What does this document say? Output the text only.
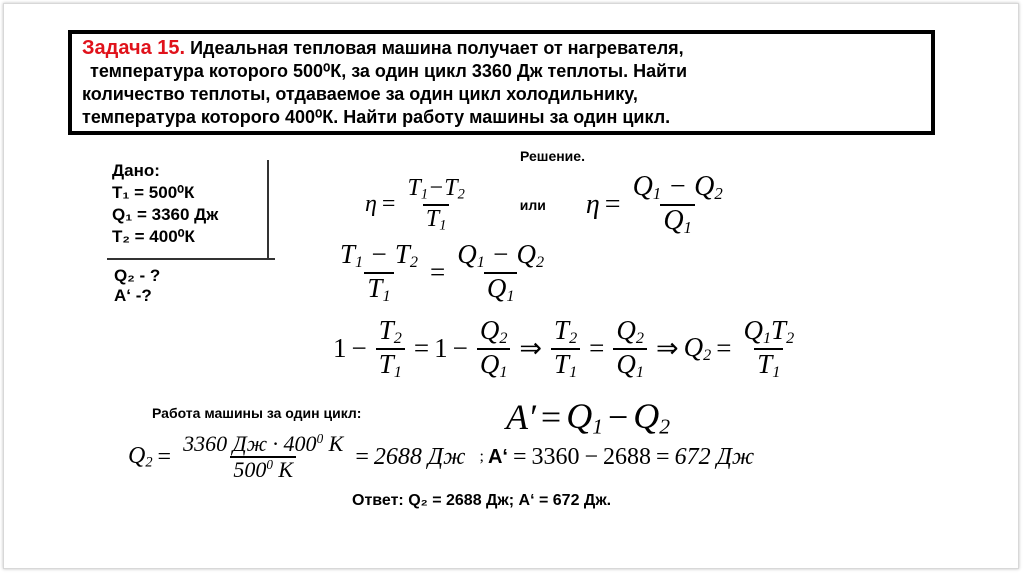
Задача 15. Идеальная тепловая машина получает от нагревателя,
температура которого 500⁰К, за один цикл 3360 Дж теплоты. Найти
количество теплоты, отдаваемое за один цикл холодильнику,
температура которого 400⁰К. Найти работу машины за один цикл.
Дано:
Т₁ = 500⁰К
Q₁ = 3360 Дж
Т₂ = 400⁰К
Q₂ - ?
А‘ -?
Решение.
$\eta = \frac{T_1-T_2}{T_1}$	или $\eta = \frac{Q_1 - Q_2}{Q_1}$
$\frac{T_1 - T_2}{T_1} = \frac{Q_1 - Q_2}{Q_1}$
$1 - \frac{T_2}{T_1} = 1 - \frac{Q_2}{Q_1}$ ⇒ $\frac{T_2}{T_1} = \frac{Q_2}{Q_1}$ ⇒ $Q_2 = \frac{Q_1T_2}{T_1}$
Работа машины за один цикл:	$A' = Q_1 - Q_2$
$Q_2 = \frac{3360 Дж \cdot 400^0 K}{500^0 K} = 2688$ Дж ; А‘ = 3360 − 2688 = 672 Дж
Ответ: Q₂ = 2688 Дж; А‘ = 672 Дж.
